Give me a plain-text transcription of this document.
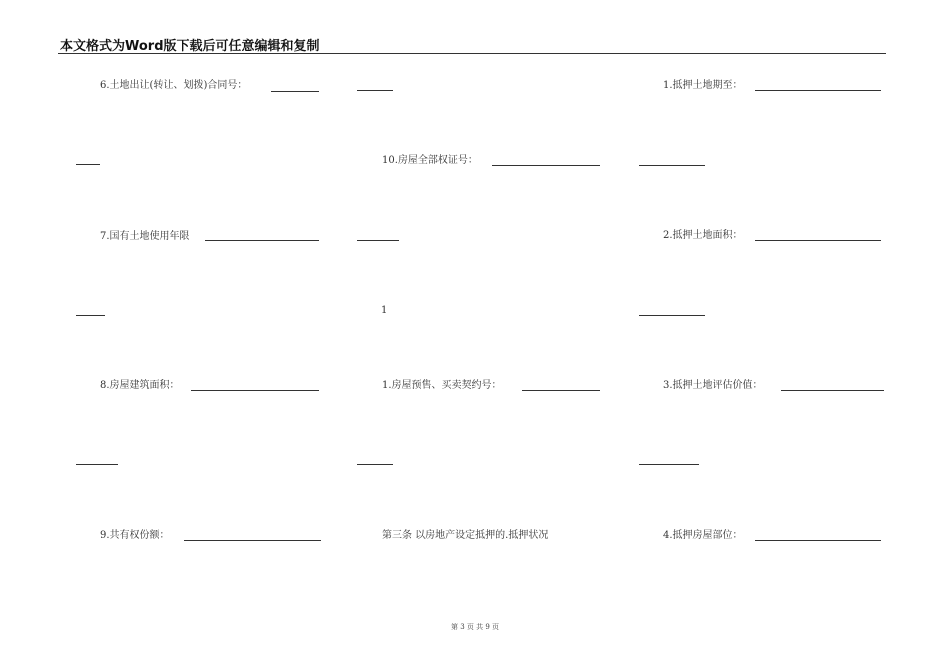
本文格式为Word版下载后可任意编辑和复制
6.土地出让(转让、划拨)合同号：
7.国有土地使用年限
8.房屋建筑面积：
9.共有权份额：
10.房屋全部权证号：
1
1.房屋预售、买卖契约号：
第三条 以房地产设定抵押的.抵押状况
1.抵押土地期至：
2.抵押土地面积：
3.抵押土地评估价值：
4.抵押房屋部位：
第 3 页 共 9 页
